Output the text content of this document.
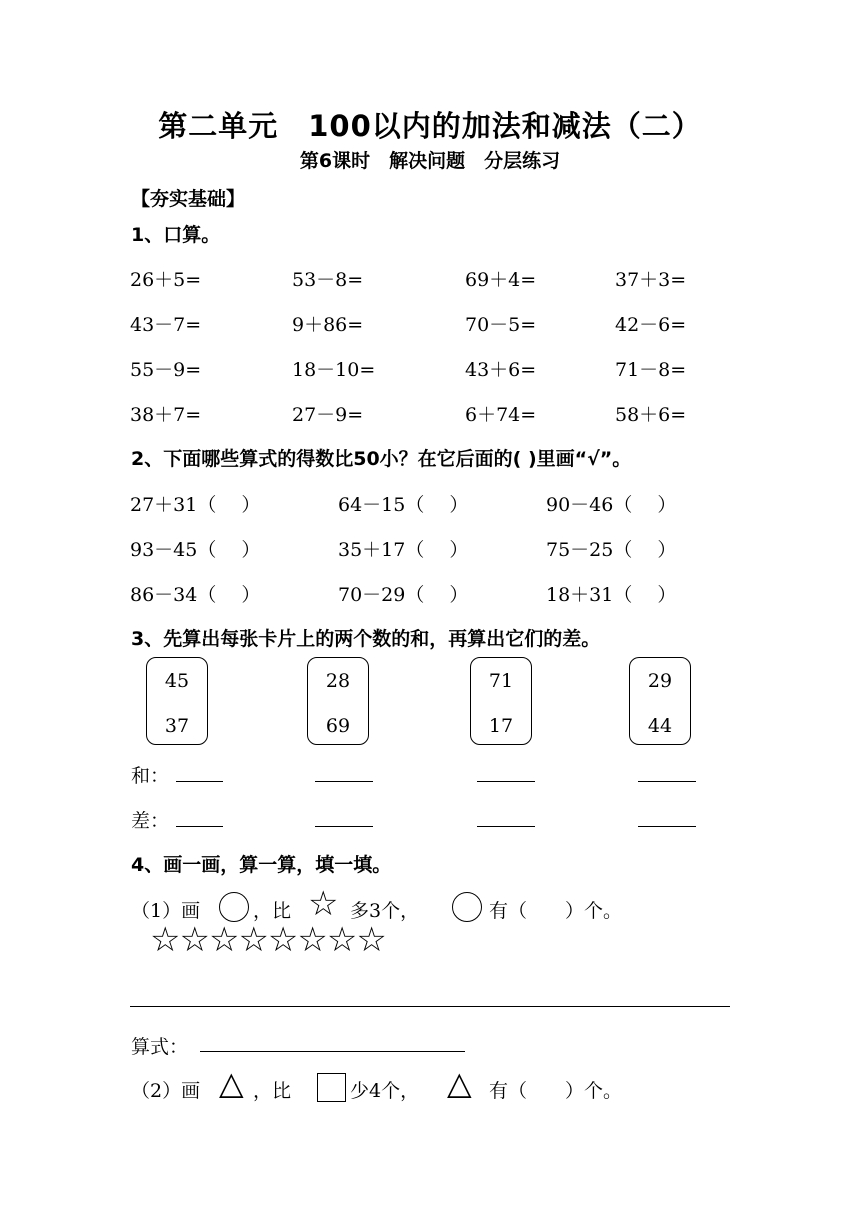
第二单元　100以内的加法和减法（二）
第6课时　解决问题　分层练习
【夯实基础】
1、口算。
26＋5=	53－8=	69＋4=	37＋3=
43－7=	9＋86=	70－5=	42－6=
55－9=	18－10=	43＋6=	71－8=
38＋7=	27－9=	6＋74=	58＋6=
2、下面哪些算式的得数比50小？在它后面的( )里画“√”。
27＋31（　 ）	64－15（　 ）	90－46（　 ）
93－45（　 ）	35＋17（　 ）	75－25（　 ）
86－34（　 ）	70－29（　 ）	18＋31（　 ）
3、先算出每张卡片上的两个数的和，再算出它们的差。
45
37
28
69
71
17
29
44
和：
差：
4、画一画，算一算，填一填。
（1）画	，比 ☆ 多3个，	有（　　）个。
☆☆☆☆☆☆☆☆
算式：
（2）画 △ ，比	少4个， △ 有（　　）个。
